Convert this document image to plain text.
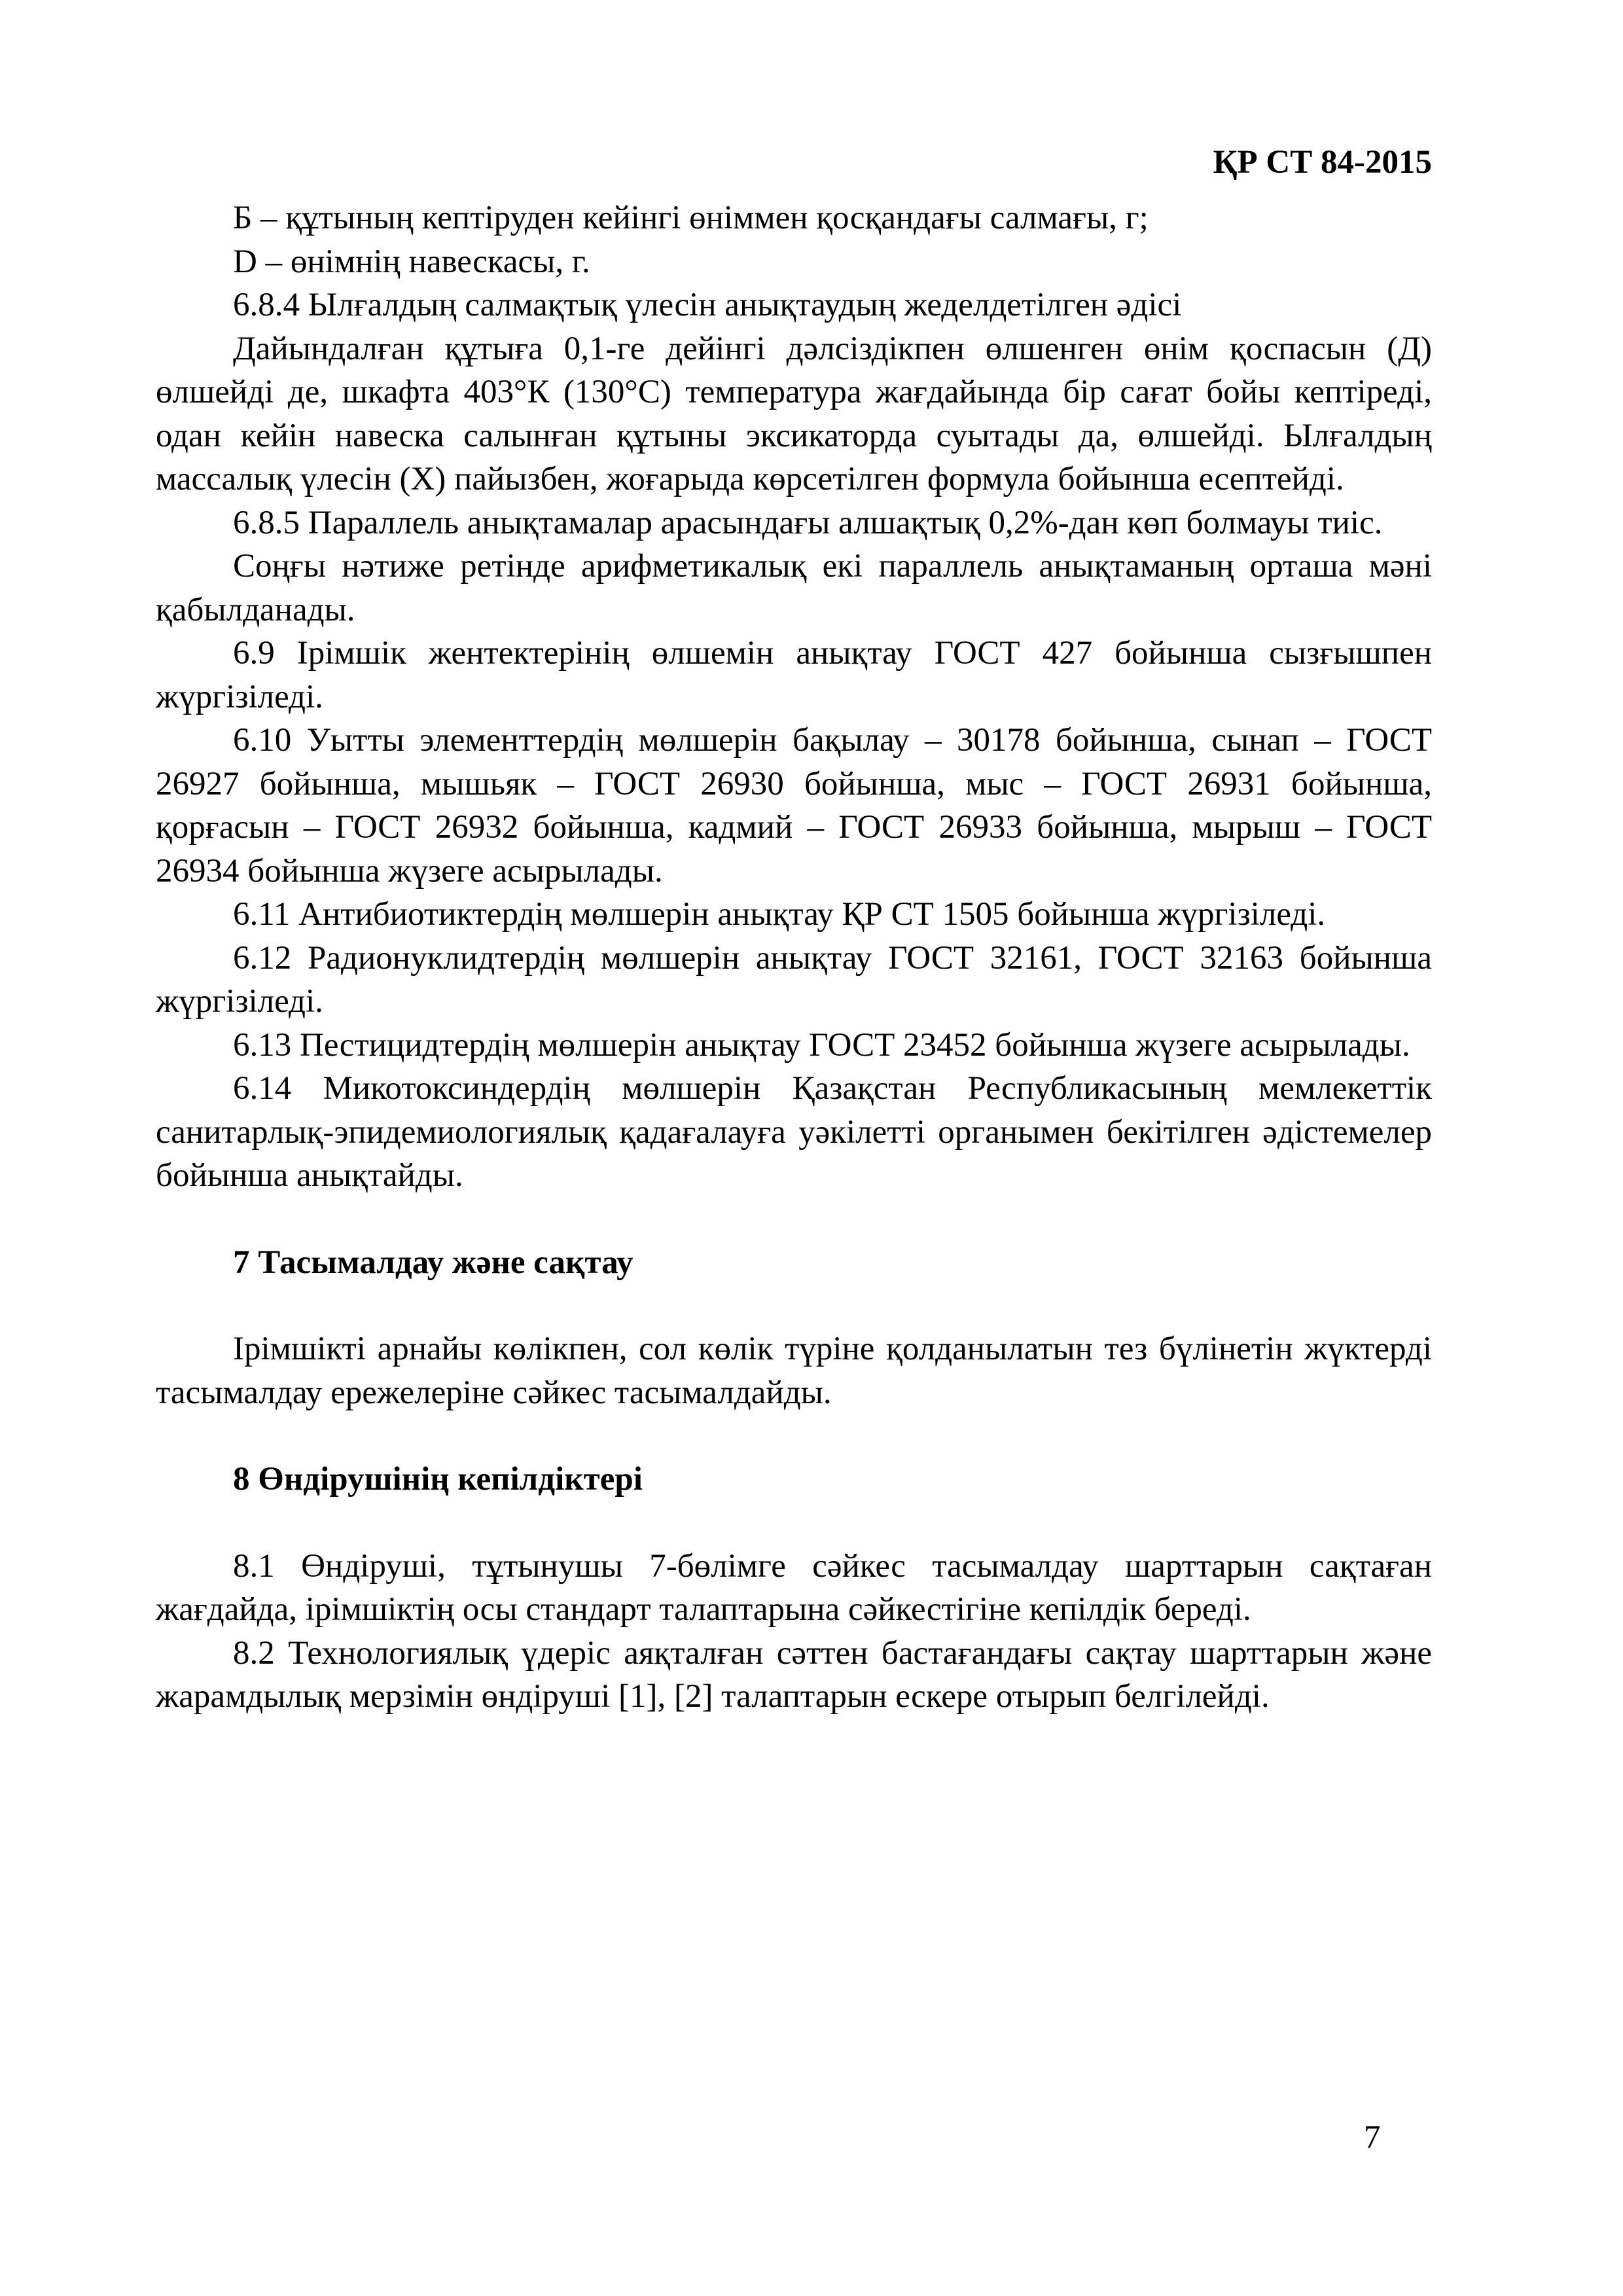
ҚР СТ 84-2015

Б – құтының кептіруден кейінгі өніммен қосқандағы салмағы, г;

D – өнімнің навескасы, г.

6.8.4 Ылғалдың салмақтық үлесін анықтаудың жеделдетілген әдісі

Дайындалған құтыға 0,1-ге дейінгі дәлсіздікпен өлшенген өнім қоспасын (Д) өлшейді де, шкафта 403°К (130°С) температура жағдайында бір сағат бойы кептіреді, одан кейін навеска салынған құтыны эксикаторда суытады да, өлшейді. Ылғалдың массалық үлесін (Х) пайызбен, жоғарыда көрсетілген формула бойынша есептейді.

6.8.5 Параллель анықтамалар арасындағы алшақтық 0,2%-дан көп болмауы тиіс.

Соңғы нәтиже ретінде арифметикалық екі параллель анықтаманың орташа мәні қабылданады.

6.9 Ірімшік жентектерінің өлшемін анықтау ГОСТ 427 бойынша сызғышпен жүргізіледі.

6.10 Уытты элементтердің мөлшерін бақылау – 30178 бойынша, сынап – ГОСТ 26927 бойынша, мышьяк – ГОСТ 26930 бойынша, мыс – ГОСТ 26931 бойынша, қорғасын – ГОСТ 26932 бойынша, кадмий – ГОСТ 26933 бойынша, мырыш – ГОСТ 26934 бойынша жүзеге асырылады.

6.11 Антибиотиктердің мөлшерін анықтау ҚР СТ 1505 бойынша жүргізіледі.

6.12 Радионуклидтердің мөлшерін анықтау ГОСТ 32161, ГОСТ 32163 бойынша жүргізіледі.

6.13 Пестицидтердің мөлшерін анықтау ГОСТ 23452 бойынша жүзеге асырылады.

6.14 Микотоксиндердің мөлшерін Қазақстан Республикасының мемлекеттік санитарлық-эпидемиологиялық қадағалауға уәкілетті органымен бекітілген әдістемелер бойынша анықтайды.

7 Тасымалдау және сақтау

Ірімшікті арнайы көлікпен, сол көлік түріне қолданылатын тез бүлінетін жүктерді тасымалдау ережелеріне сәйкес тасымалдайды.

8 Өндірушінің кепілдіктері

8.1 Өндіруші, тұтынушы 7-бөлімге сәйкес тасымалдау шарттарын сақтаған жағдайда, ірімшіктің осы стандарт талаптарына сәйкестігіне кепілдік береді.

8.2 Технологиялық үдеріс аяқталған сәттен бастағандағы сақтау шарттарын және жарамдылық мерзімін өндіруші [1], [2] талаптарын ескере отырып белгілейді.

7
